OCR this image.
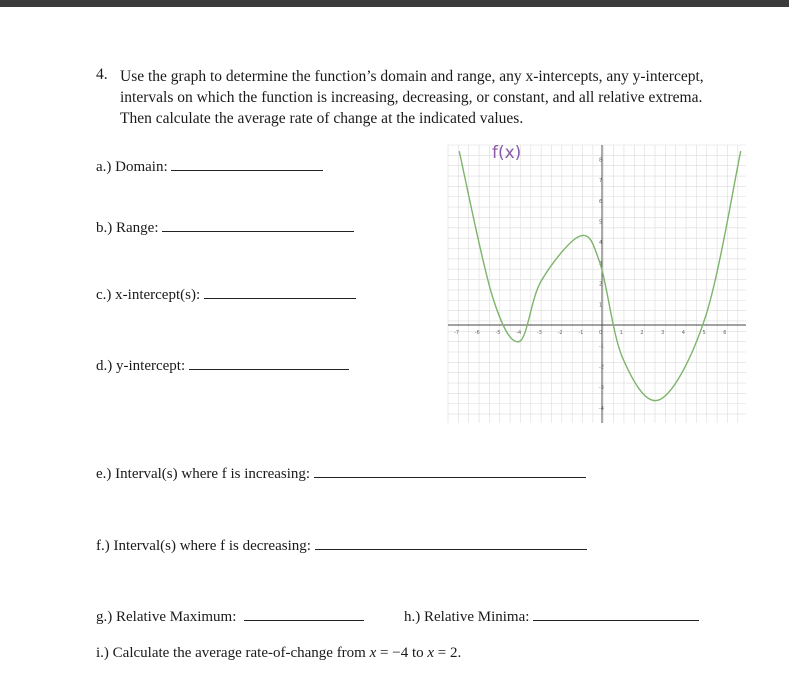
4. Use the graph to determine the function’s domain and range, any x-intercepts, any y-intercept, intervals on which the function is increasing, decreasing, or constant, and all relative extrema. Then calculate the average rate of change at the indicated values.
a.) Domain:
b.) Range:
c.) x-intercept(s):
d.) y-intercept:
e.) Interval(s) where f is increasing:
f.) Interval(s) where f is decreasing:
g.) Relative Maximum:	h.) Relative Minima:
i.) Calculate the average rate-of-change from x = −4 to x = 2.
-7	-6	-5	-4	-3	-2	-1	0	1	2	3	4	5	6
1
2
3
4
5
6
7
8
-1
-2
-3
-4
f(x)
